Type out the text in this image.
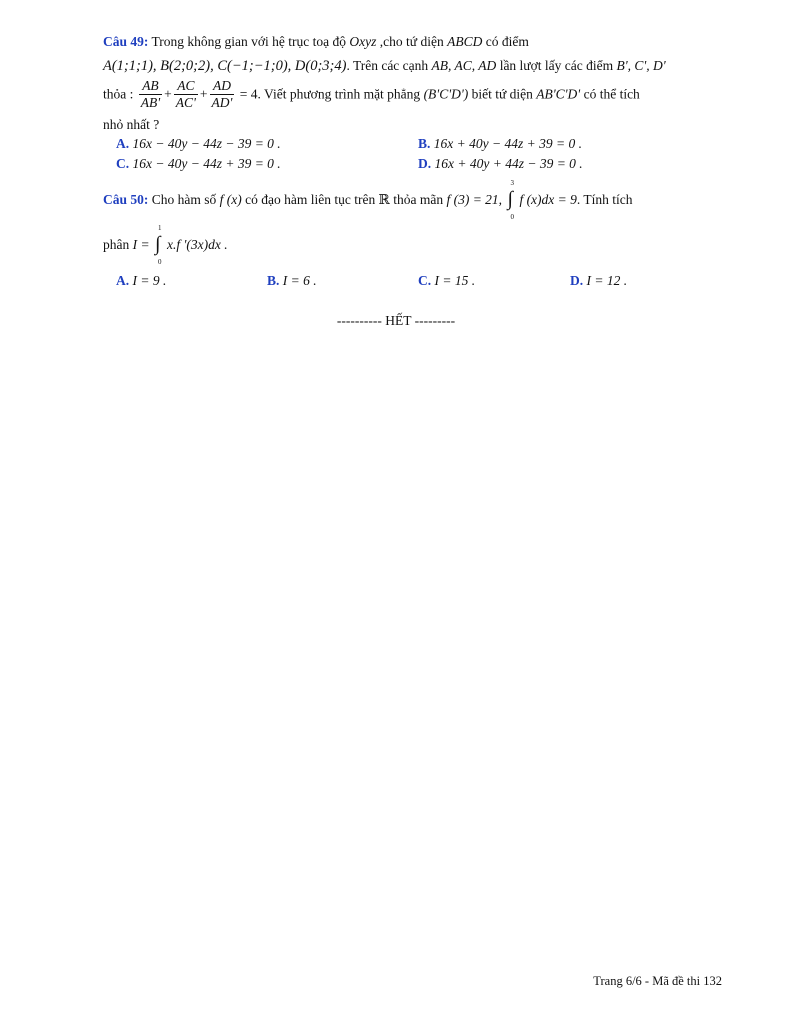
Câu 49: Trong không gian với hệ trục toạ độ Oxyz ,cho tứ diện ABCD có điểm
A(1;1;1), B(2;0;2), C(−1;−1;0), D(0;3;4). Trên các cạnh AB, AC, AD lần lượt lấy các điểm B', C', D'
thỏa : $\frac{AB}{AB'} + \frac{AC}{AC'} + \frac{AD}{AD'} = 4$. Viết phương trình mặt phẳng (B'C'D') biết tứ diện AB'C'D' có thể tích
nhỏ nhất ?
A. 16x − 40y − 44z − 39 = 0 .	B. 16x + 40y − 44z + 39 = 0 .
C. 16x − 40y − 44z + 39 = 0 .	D. 16x + 40y + 44z − 39 = 0 .
Câu 50: Cho hàm số f (x) có đạo hàm liên tục trên ℝ thỏa mãn f (3) = 21,
3
∫
0
f (x)dx = 9. Tính tích
phân I =
1
∫
0
x.f '(3x)dx .
A. I = 9 .	B. I = 6 .	C. I = 15 .	D. I = 12 .
---------- HẾT ---------
Trang 6/6 - Mã đề thi 132
